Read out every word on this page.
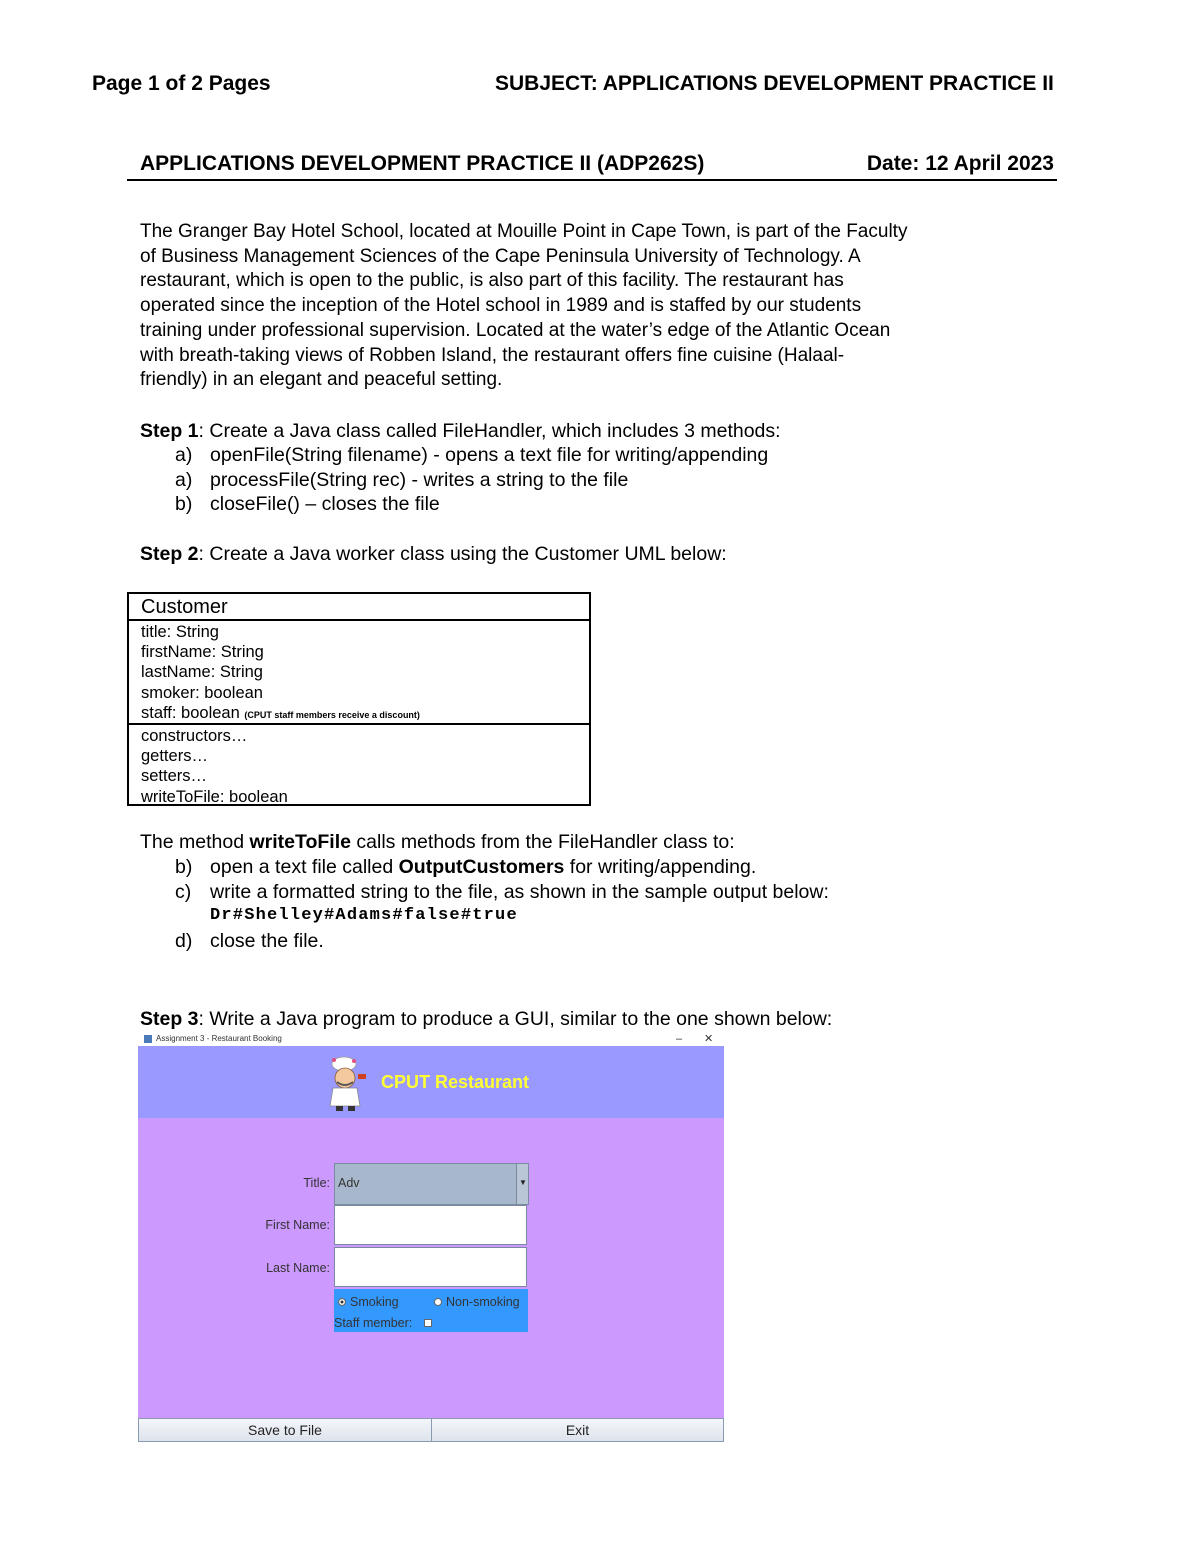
Page 1 of 2 Pages	SUBJECT: APPLICATIONS DEVELOPMENT PRACTICE II
APPLICATIONS DEVELOPMENT PRACTICE II (ADP262S)	Date: 12 April 2023

The Granger Bay Hotel School, located at Mouille Point in Cape Town, is part of the Faculty

of Business Management Sciences of the Cape Peninsula University of Technology. A

restaurant, which is open to the public, is also part of this facility. The restaurant has

operated since the inception of the Hotel school in 1989 and is staffed by our students

training under professional supervision. Located at the water’s edge of the Atlantic Ocean

with breath-taking views of Robben Island, the restaurant offers fine cuisine (Halaal-

friendly) in an elegant and peaceful setting.

Step 1: Create a Java class called FileHandler, which includes 3 methods:
a) openFile(String filename) - opens a text file for writing/appending
a) processFile(String rec) - writes a string to the file
b) closeFile() – closes the file
Step 2: Create a Java worker class using the Customer UML below:
Customer
title: String
firstName: String
lastName: String
smoker: boolean
staff: boolean (CPUT staff members receive a discount)
constructors…
getters…
setters…
writeToFile: boolean
The method writeToFile calls methods from the FileHandler class to:
b) open a text file called OutputCustomers for writing/appending.
c) write a formatted string to the file, as shown in the sample output below:
Dr#Shelley#Adams#false#true
d) close the file.
Step 3: Write a Java program to produce a GUI, similar to the one shown below:
Assignment 3 - Restaurant Booking	– ✕
CPUT Restaurant
Title: Adv	▼
First Name:
Last Name:
Smoking	Non-smoking
Staff member:
Save to File	Exit
